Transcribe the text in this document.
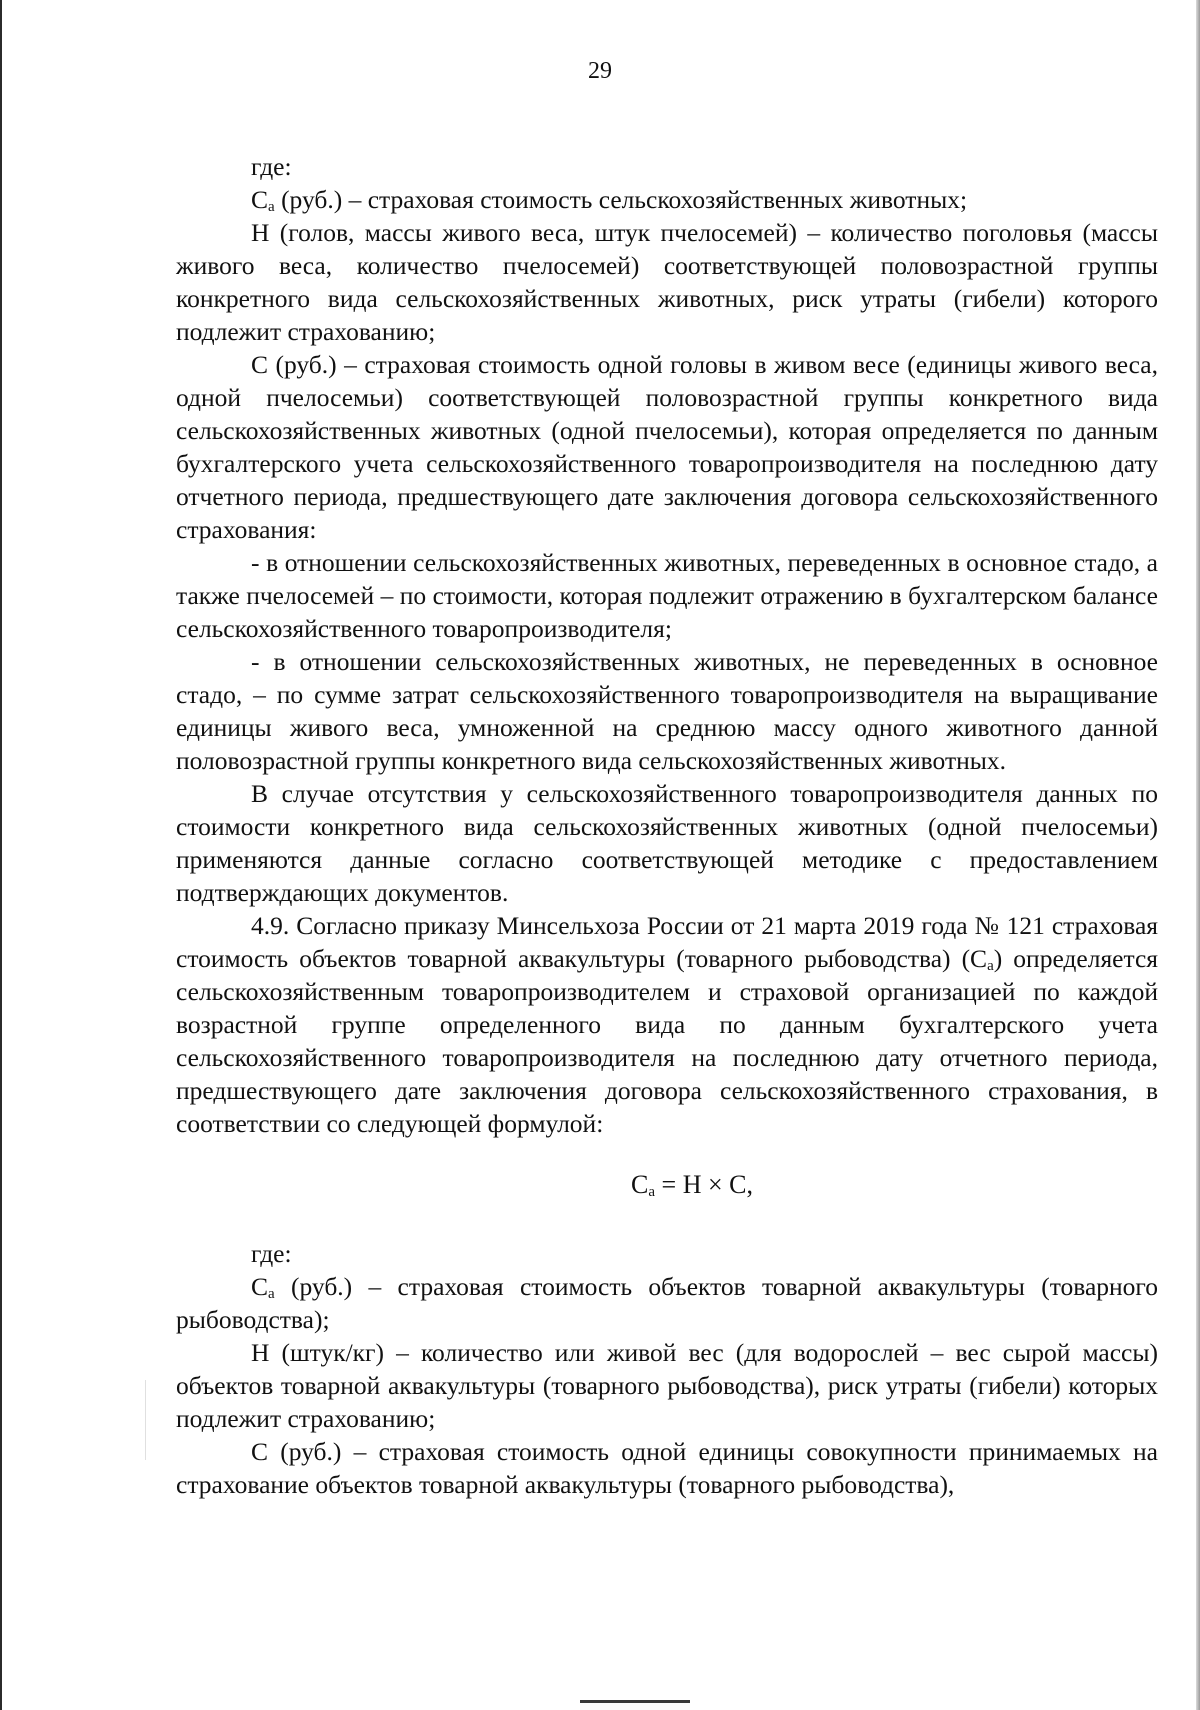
29

где:

$С_а$ (руб.) – страховая стоимость сельскохозяйственных животных;

Н (голов, массы живого веса, штук пчелосемей) – количество поголовья (массы живого веса, количество пчелосемей) соответствующей половозрастной группы конкретного вида сельскохозяйственных животных, риск утраты (гибели) которого подлежит страхованию;

С (руб.) – страховая стоимость одной головы в живом весе (единицы живого веса, одной пчелосемьи) соответствующей половозрастной группы конкретного вида сельскохозяйственных животных (одной пчелосемьи), которая определяется по данным бухгалтерского учета сельскохозяйственного товаропроизводителя на последнюю дату отчетного периода, предшествующего дате заключения договора сельскохозяйственного страхования:

- в отношении сельскохозяйственных животных, переведенных в основное стадо, а также пчелосемей – по стоимости, которая подлежит отражению в бухгалтерском балансе сельскохозяйственного товаропроизводителя;

- в отношении сельскохозяйственных животных, не переведенных в основное стадо, – по сумме затрат сельскохозяйственного товаропроизводителя на выращивание единицы живого веса, умноженной на среднюю массу одного животного данной половозрастной группы конкретного вида сельскохозяйственных животных.

В случае отсутствия у сельскохозяйственного товаропроизводителя данных по стоимости конкретного вида сельскохозяйственных животных (одной пчелосемьи) применяются данные согласно соответствующей методике с предоставлением подтверждающих документов.

4.9. Согласно приказу Минсельхоза России от 21 марта 2019 года № 121 страховая стоимость объектов товарной аквакультуры (товарного рыбоводства) $(С_а)$ определяется сельскохозяйственным товаропроизводителем и страховой организацией по каждой возрастной группе определенного вида по данным бухгалтерского учета сельскохозяйственного товаропроизводителя на последнюю дату отчетного периода, предшествующего дате заключения договора сельскохозяйственного страхования, в соответствии со следующей формулой:

$С_а = Н \times С$,

где:

$С_а$ (руб.) – страховая стоимость объектов товарной аквакультуры (товарного рыбоводства);

Н (штук/кг) – количество или живой вес (для водорослей – вес сырой массы) объектов товарной аквакультуры (товарного рыбоводства), риск утраты (гибели) которых подлежит страхованию;

С (руб.) – страховая стоимость одной единицы совокупности принимаемых на страхование объектов товарной аквакультуры (товарного рыбоводства),
